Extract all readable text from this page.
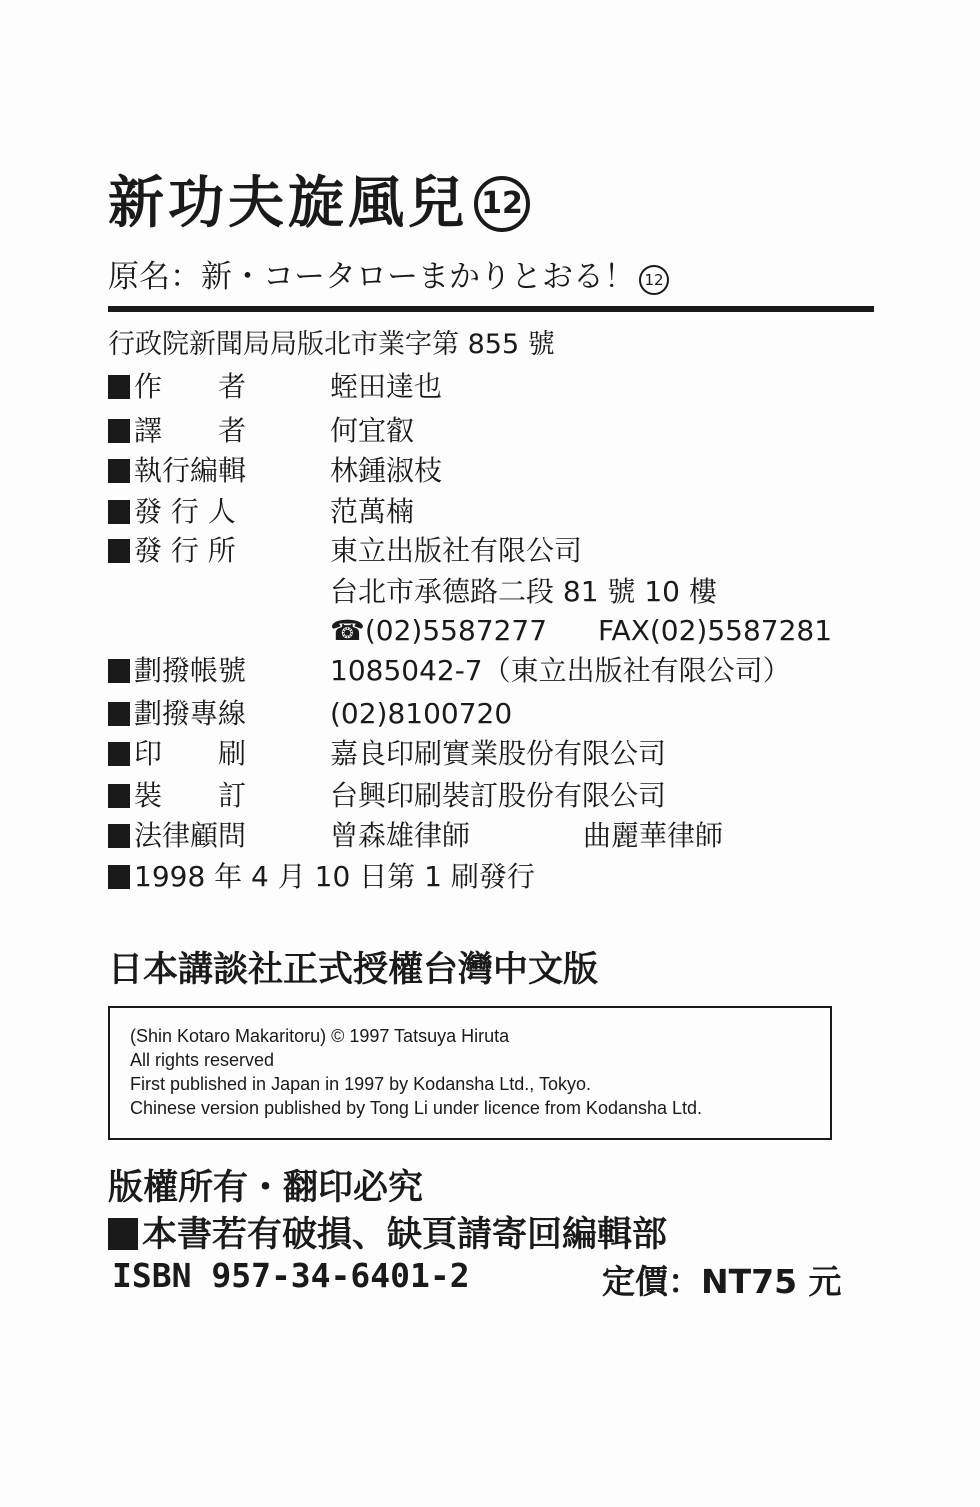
新功夫旋風兒 12
原名：新・コータローまかりとおる！ 12
行政院新聞局局版北市業字第 855 號
作　　者	蛭田達也
譯　　者	何宜叡
執行編輯	林鍾淑枝
發 行 人	范萬楠
發 行 所	東立出版社有限公司
台北市承德路二段 81 號 10 樓
☎(02)5587277 FAX(02)5587281
劃撥帳號	1085042-7（東立出版社有限公司）
劃撥專線	(02)8100720
印　　刷	嘉良印刷實業股份有限公司
裝　　訂	台興印刷裝訂股份有限公司
法律顧問	曾森雄律師	曲麗華律師
1998 年 4 月 10 日第 1 刷發行
日本講談社正式授權台灣中文版
(Shin Kotaro Makaritoru) © 1997 Tatsuya Hiruta
All rights reserved
First published in Japan in 1997 by Kodansha Ltd., Tokyo.
Chinese version published by Tong Li under licence from Kodansha Ltd.
版權所有・翻印必究
本書若有破損、缺頁請寄回編輯部
ISBN 957-34-6401-2	定價：NT75 元
